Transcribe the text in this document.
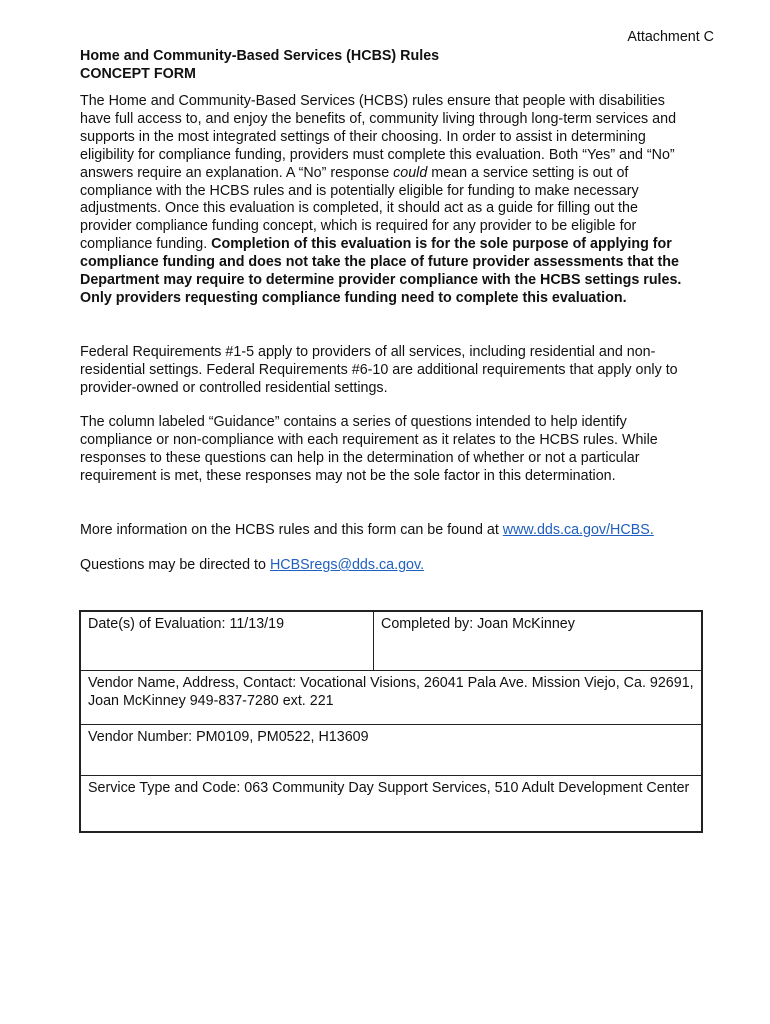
Attachment C
Home and Community-Based Services (HCBS) Rules
CONCEPT FORM

The Home and Community-Based Services (HCBS) rules ensure that people with disabilities have full access to, and enjoy the benefits of, community living through long-term services and supports in the most integrated settings of their choosing. In order to assist in determining eligibility for compliance funding, providers must complete this evaluation. Both “Yes” and “No” answers require an explanation. A “No” response could mean a service setting is out of compliance with the HCBS rules and is potentially eligible for funding to make necessary adjustments. Once this evaluation is completed, it should act as a guide for filling out the provider compliance funding concept, which is required for any provider to be eligible for compliance funding. Completion of this evaluation is for the sole purpose of applying for compliance funding and does not take the place of future provider assessments that the Department may require to determine provider compliance with the HCBS settings rules. Only providers requesting compliance funding need to complete this evaluation.

Federal Requirements #1-5 apply to providers of all services, including residential and non-residential settings. Federal Requirements #6-10 are additional requirements that apply only to provider-owned or controlled residential settings.

The column labeled “Guidance” contains a series of questions intended to help identify compliance or non-compliance with each requirement as it relates to the HCBS rules. While responses to these questions can help in the determination of whether or not a particular requirement is met, these responses may not be the sole factor in this determination.

More information on the HCBS rules and this form can be found at www.dds.ca.gov/HCBS.

Questions may be directed to HCBSregs@dds.ca.gov.

Date(s) of Evaluation: 11/13/19	Completed by: Joan McKinney
Vendor Name, Address, Contact: Vocational Visions, 26041 Pala Ave. Mission Viejo, Ca. 92691, Joan McKinney 949-837-7280 ext. 221
Vendor Number: PM0109, PM0522, H13609
Service Type and Code: 063 Community Day Support Services, 510 Adult Development Center
